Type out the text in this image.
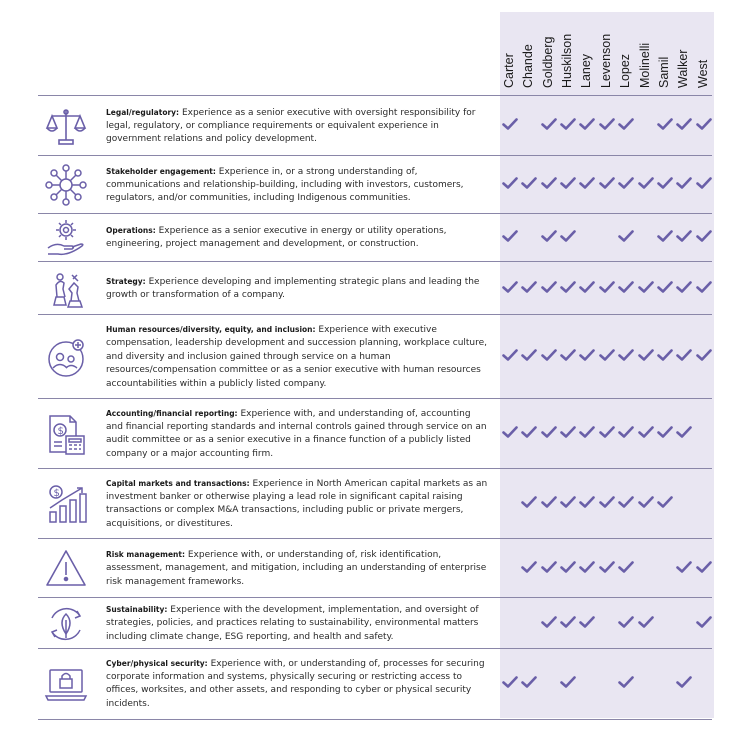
Carter Chande Goldberg Huskilson Laney Levenson Lopez Molinelli Samil Walker West
Legal/regulatory: Experience as a senior executive with oversight responsibility for legal, regulatory, or compliance requirements or equivalent experience in government relations and policy development.
Stakeholder engagement: Experience in, or a strong understanding of, communications and relationship-building, including with investors, customers, regulators, and/or communities, including Indigenous communities.
Operations: Experience as a senior executive in energy or utility operations, engineering, project management and development, or construction.
Strategy: Experience developing and implementing strategic plans and leading the growth or transformation of a company.
Human resources/diversity, equity, and inclusion: Experience with executive compensation, leadership development and succession planning, workplace culture, and diversity and inclusion gained through service on a human resources/compensation committee or as a senior executive with human resources accountabilities within a publicly listed company.
$
Accounting/financial reporting: Experience with, and understanding of, accounting and financial reporting standards and internal controls gained through service on an audit committee or as a senior executive in a finance function of a publicly listed company or a major accounting firm.
$
Capital markets and transactions: Experience in North American capital markets as an investment banker or otherwise playing a lead role in significant capital raising transactions or complex M&A transactions, including public or private mergers, acquisitions, or divestitures.
Risk management: Experience with, or understanding of, risk identification, assessment, management, and mitigation, including an understanding of enterprise risk management frameworks.
Sustainability: Experience with the development, implementation, and oversight of strategies, policies, and practices relating to sustainability, environmental matters including climate change, ESG reporting, and health and safety.
Cyber/physical security: Experience with, or understanding of, processes for securing corporate information and systems, physically securing or restricting access to offices, worksites, and other assets, and responding to cyber or physical security incidents.
